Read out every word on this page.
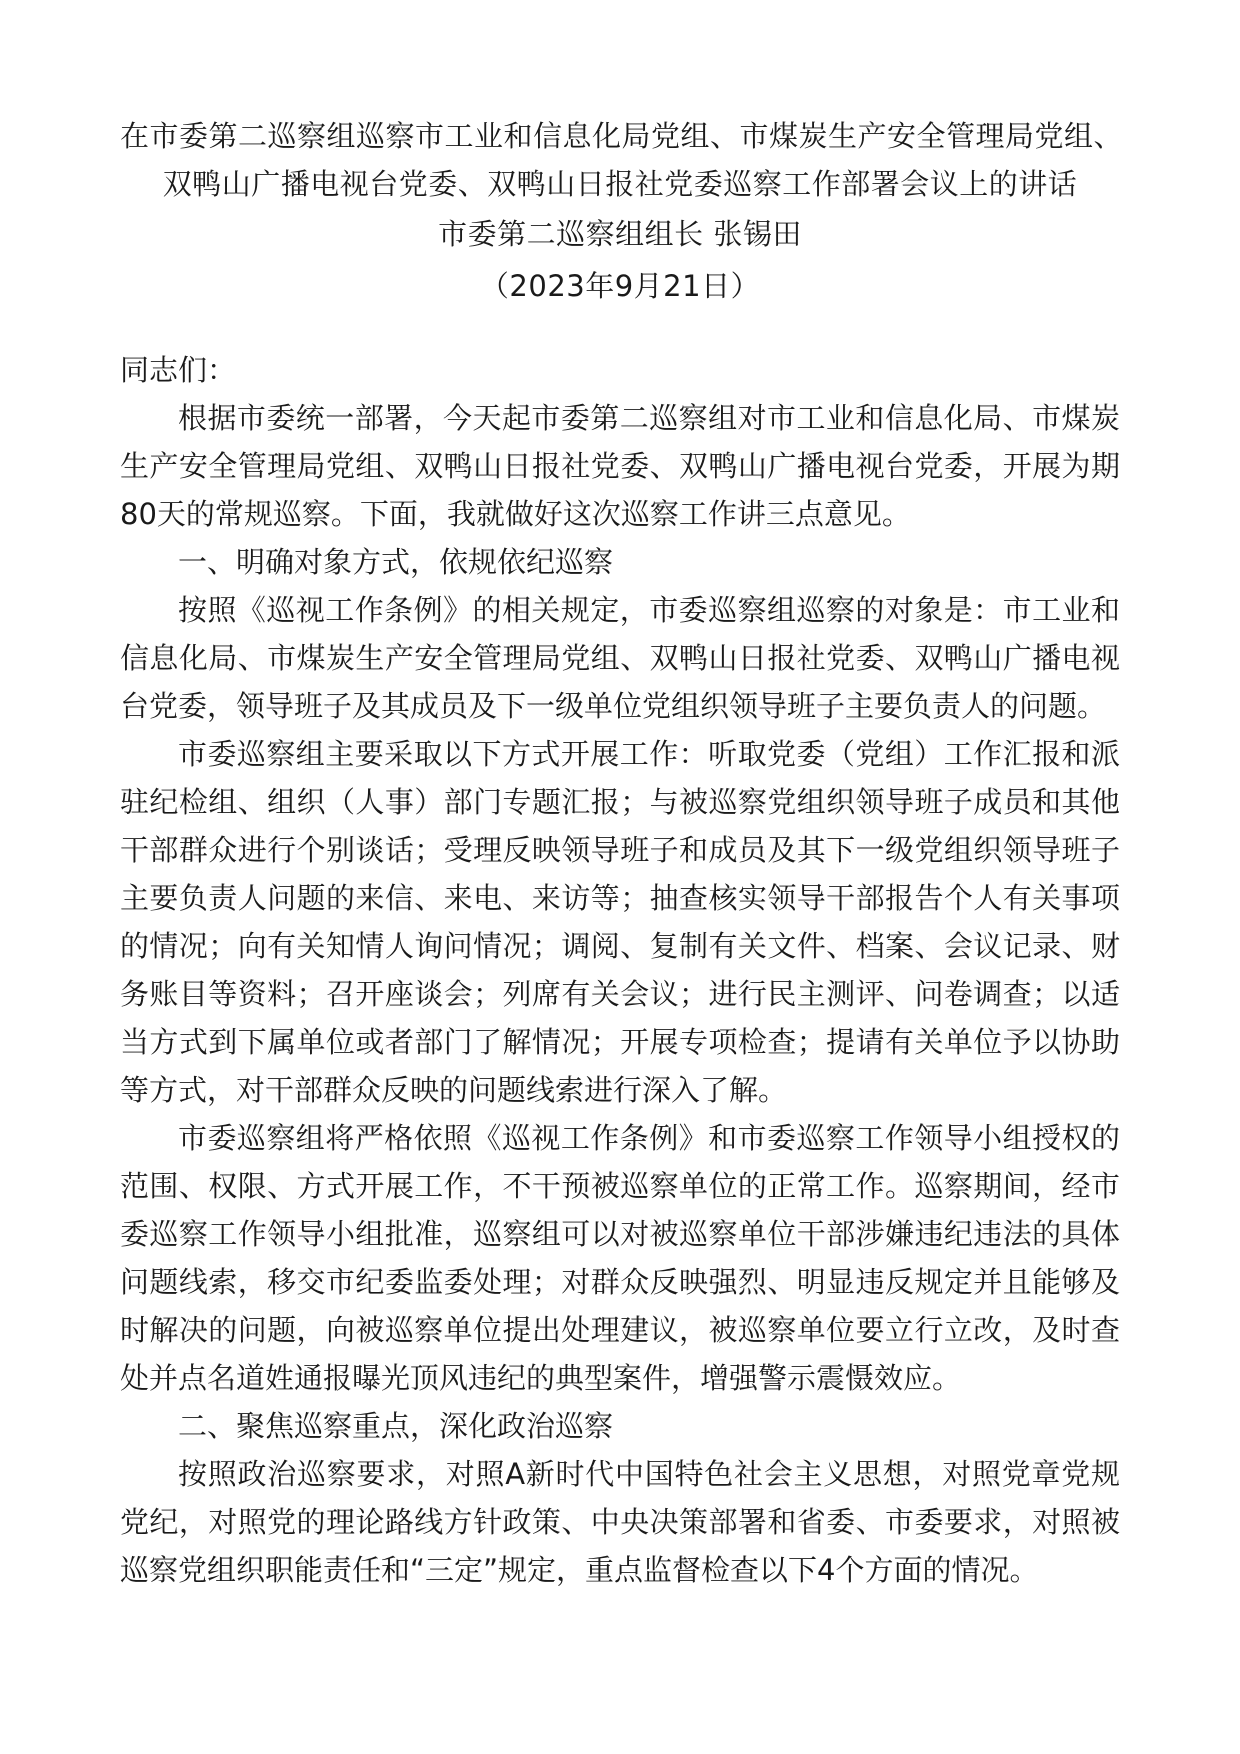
在市委第二巡察组巡察市工业和信息化局党组、市煤炭生产安全管理局党组、

双鸭山广播电视台党委、双鸭山日报社党委巡察工作部署会议上的讲话

市委第二巡察组组长 张锡田

（2023年9月21日）

同志们：

根据市委统一部署，今天起市委第二巡察组对市工业和信息化局、市煤炭生产安全管理局党组、双鸭山日报社党委、双鸭山广播电视台党委，开展为期80天的常规巡察。下面，我就做好这次巡察工作讲三点意见。

一、明确对象方式，依规依纪巡察

按照《巡视工作条例》的相关规定，市委巡察组巡察的对象是：市工业和信息化局、市煤炭生产安全管理局党组、双鸭山日报社党委、双鸭山广播电视台党委，领导班子及其成员及下一级单位党组织领导班子主要负责人的问题。

市委巡察组主要采取以下方式开展工作：听取党委（党组）工作汇报和派驻纪检组、组织（人事）部门专题汇报；与被巡察党组织领导班子成员和其他干部群众进行个别谈话；受理反映领导班子和成员及其下一级党组织领导班子主要负责人问题的来信、来电、来访等；抽查核实领导干部报告个人有关事项的情况；向有关知情人询问情况；调阅、复制有关文件、档案、会议记录、财务账目等资料；召开座谈会；列席有关会议；进行民主测评、问卷调查；以适当方式到下属单位或者部门了解情况；开展专项检查；提请有关单位予以协助等方式，对干部群众反映的问题线索进行深入了解。

市委巡察组将严格依照《巡视工作条例》和市委巡察工作领导小组授权的范围、权限、方式开展工作，不干预被巡察单位的正常工作。巡察期间，经市委巡察工作领导小组批准，巡察组可以对被巡察单位干部涉嫌违纪违法的具体问题线索，移交市纪委监委处理；对群众反映强烈、明显违反规定并且能够及时解决的问题，向被巡察单位提出处理建议，被巡察单位要立行立改，及时查处并点名道姓通报曝光顶风违纪的典型案件，增强警示震慑效应。

二、聚焦巡察重点，深化政治巡察

按照政治巡察要求，对照A新时代中国特色社会主义思想，对照党章党规党纪，对照党的理论路线方针政策、中央决策部署和省委、市委要求，对照被巡察党组织职能责任和“三定”规定，重点监督检查以下4个方面的情况。
